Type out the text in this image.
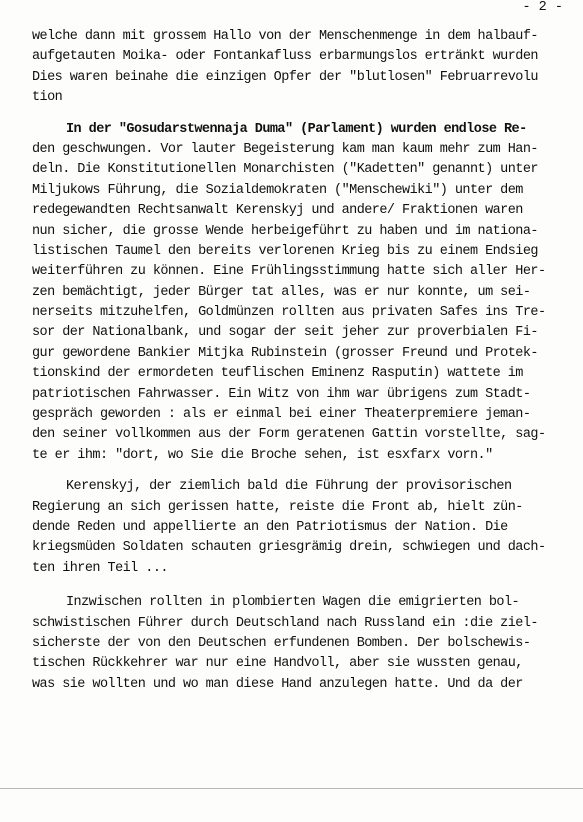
- 2 -
welche dann mit grossem Hallo von der Menschenmenge in dem halbauf-
aufgetauten Moika- oder Fontankafluss erbarmungslos ertränkt wurden
Dies waren beinahe die einzigen Opfer der "blutlosen" Februarrevolu
tion
In der "Gosudarstwennaja Duma" (Parlament) wurden endlose Re-
den geschwungen. Vor lauter Begeisterung kam man kaum mehr zum Han-
deln. Die Konstitutionellen Monarchisten ("Kadetten" genannt) unter
Miljukows Führung, die Sozialdemokraten ("Menschewiki") unter dem
redegewandten Rechtsanwalt Kerenskyj und andere/ Fraktionen waren
nun sicher, die grosse Wende herbeigeführt zu haben und im nationa-
listischen Taumel den bereits verlorenen Krieg bis zu einem Endsieg
weiterführen zu können. Eine Frühlingsstimmung hatte sich aller Her-
zen bemächtigt, jeder Bürger tat alles, was er nur konnte, um sei-
nerseits mitzuhelfen, Goldmünzen rollten aus privaten Safes ins Tre-
sor der Nationalbank, und sogar der seit jeher zur proverbialen Fi-
gur gewordene Bankier Mitjka Rubinstein (grosser Freund und Protek-
tionskind der ermordeten teuflischen Eminenz Rasputin) wattete im
patriotischen Fahrwasser. Ein Witz von ihm war übrigens zum Stadt-
gespräch geworden : als er einmal bei einer Theaterpremiere jeman-
den seiner vollkommen aus der Form geratenen Gattin vorstellte, sag-
te er ihm: "dort, wo Sie die Broche sehen, ist esxfarx vorn."
Kerenskyj, der ziemlich bald die Führung der provisorischen
Regierung an sich gerissen hatte, reiste die Front ab, hielt zün-
dende Reden und appellierte an den Patriotismus der Nation. Die
kriegsmüden Soldaten schauten griesgrämig drein, schwiegen und dach-
ten ihren Teil ...
Inzwischen rollten in plombierten Wagen die emigrierten bol-
schwistischen Führer durch Deutschland nach Russland ein :die ziel-
sicherste der von den Deutschen erfundenen Bomben. Der bolschewis-
tischen Rückkehrer war nur eine Handvoll, aber sie wussten genau,
was sie wollten und wo man diese Hand anzulegen hatte. Und da der
